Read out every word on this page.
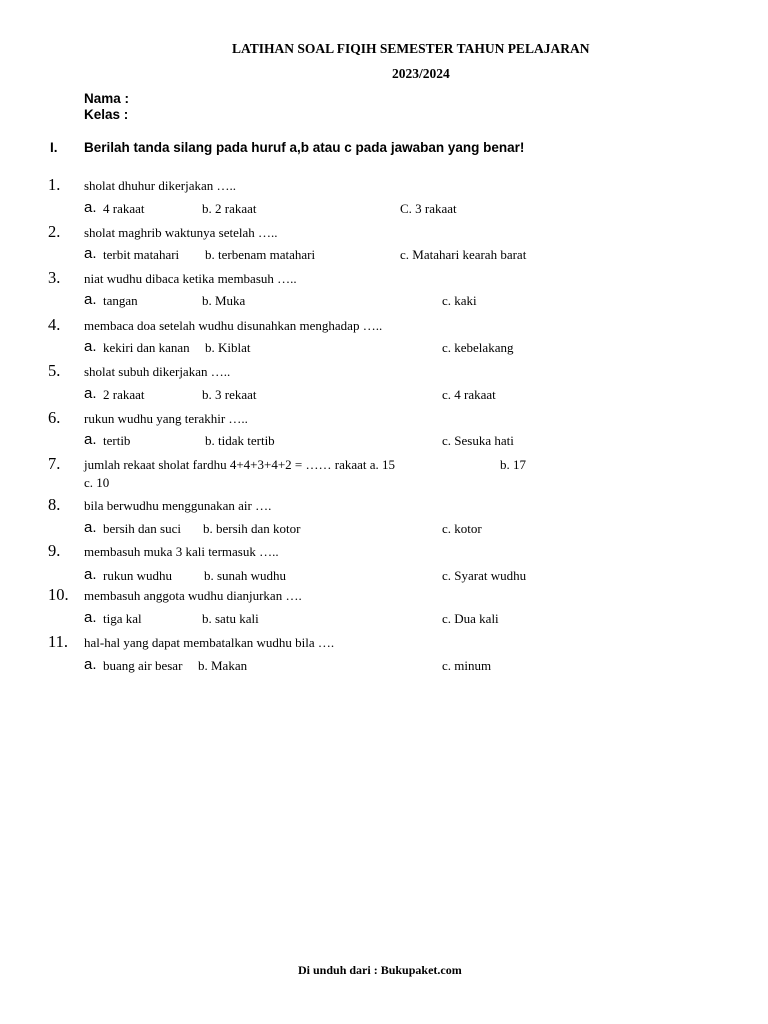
LATIHAN SOAL FIQIH SEMESTER TAHUN PELAJARAN
2023/2024
Nama :
Kelas :
I. Berilah tanda silang pada huruf a,b atau c pada jawaban yang benar!
1. sholat dhuhur dikerjakan …..
a. 4 rakaat	b. 2 rakaat	C. 3 rakaat
2. sholat maghrib waktunya setelah …..
a. terbit matahari b. terbenam matahari	c. Matahari kearah barat
3. niat wudhu dibaca ketika membasuh …..
a. tangan	b. Muka	c. kaki
4. membaca doa setelah wudhu disunahkan menghadap …..
a. kekiri dan kanan b. Kiblat	c. kebelakang
5. sholat subuh dikerjakan …..
a. 2 rakaat	b. 3 rekaat	c. 4 rakaat
6. rukun wudhu yang terakhir …..
a. tertib	b. tidak tertib	c. Sesuka hati
7. jumlah rekaat sholat fardhu 4+4+3+4+2 = …… rakaat a. 15	b. 17
c. 10
8. bila berwudhu menggunakan air ….
a. bersih dan suci b. bersih dan kotor	c. kotor
9. membasuh muka 3 kali termasuk …..
a. rukun wudhu b. sunah wudhu	c. Syarat wudhu
10. membasuh anggota wudhu dianjurkan ….
a. tiga kal	b. satu kali	c. Dua kali
11. hal-hal yang dapat membatalkan wudhu bila ….
a. buang air besar b. Makan	c. minum
Di unduh dari : Bukupaket.com
